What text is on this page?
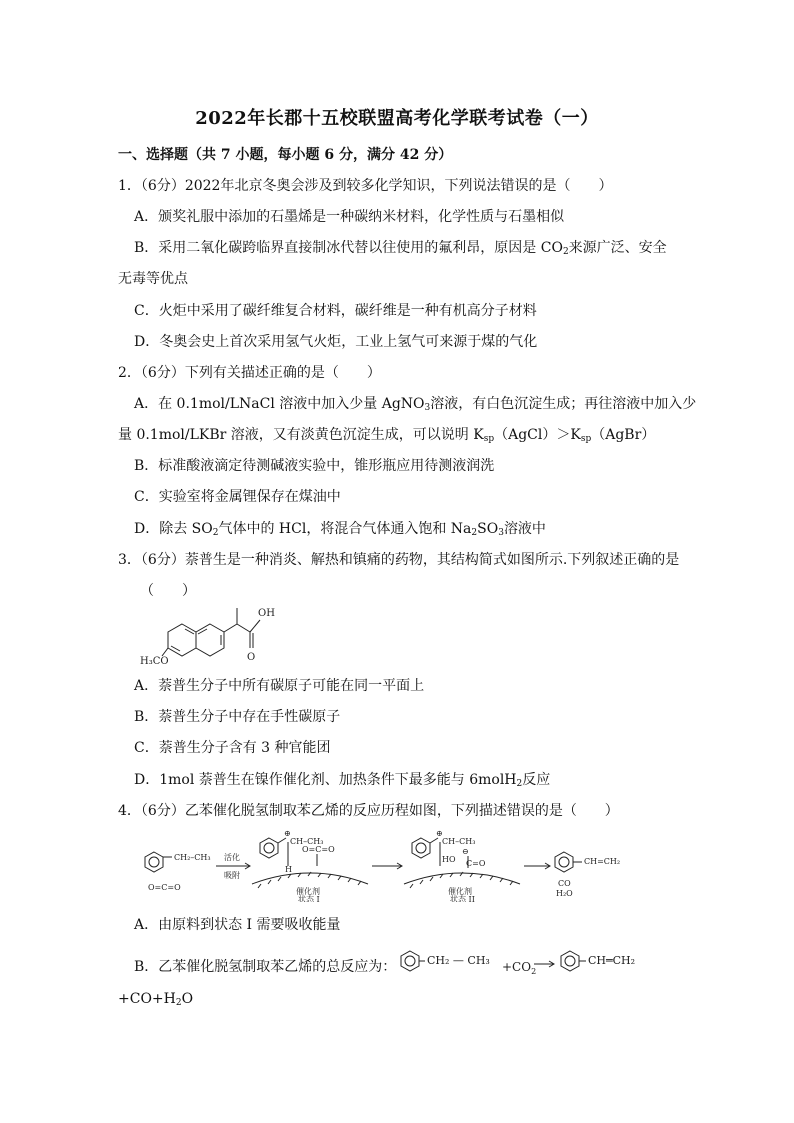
2022年长郡十五校联盟高考化学联考试卷（一）
一、选择题（共 7 小题，每小题 6 分，满分 42 分）
1．（6分）2022年北京冬奥会涉及到较多化学知识，下列说法错误的是（　　）
A．颁奖礼服中添加的石墨烯是一种碳纳米材料，化学性质与石墨相似
B．采用二氧化碳跨临界直接制冰代替以往使用的氟利昂，原因是 $CO_2$来源广泛、安全
无毒等优点
C．火炬中采用了碳纤维复合材料，碳纤维是一种有机高分子材料
D．冬奥会史上首次采用氢气火炬，工业上氢气可来源于煤的气化
2．（6分）下列有关描述正确的是（　　）
A．在 0.1mol/LNaCl 溶液中加入少量 AgNO$_3$溶液，有白色沉淀生成；再往溶液中加入少
量 0.1mol/LKBr 溶液，又有淡黄色沉淀生成，可以说明 $K_{sp}(AgCl)>K_{sp}(AgBr)$
B．标准酸液滴定待测碱液实验中，锥形瓶应用待测液润洗
C．实验室将金属锂保存在煤油中
D．除去 $SO_2$气体中的 HCl，将混合气体通入饱和 $Na_2SO_3$溶液中
3．（6分）萘普生是一种消炎、解热和镇痛的药物，其结构简式如图所示.下列叙述正确的是
（　　）
OH
O
H₃CO
A．萘普生分子中所有碳原子可能在同一平面上
B．萘普生分子中存在手性碳原子
C．萘普生分子含有 3 种官能团
D．1mol 萘普生在镍作催化剂、加热条件下最多能与 6molH$_2$反应
4．（6分）乙苯催化脱氢制取苯乙烯的反应历程如图，下列描述错误的是（　　）
CH₂–CH₃
O=C=O
活化
吸附
⊕
CH–CH₃
O=C=O
H
催化剂
状态 I
⊕
CH–CH₃
⊖
HO C=O
催化剂
状态 II
CH=CH₂
CO
H₂O
A．由原料到状态 I 需要吸收能量
B．乙苯催化脱氢制取苯乙烯的总反应为：	CH₂ — $CH_3 +CO_2$
CH═CH₂
$+CO+H_2O$
